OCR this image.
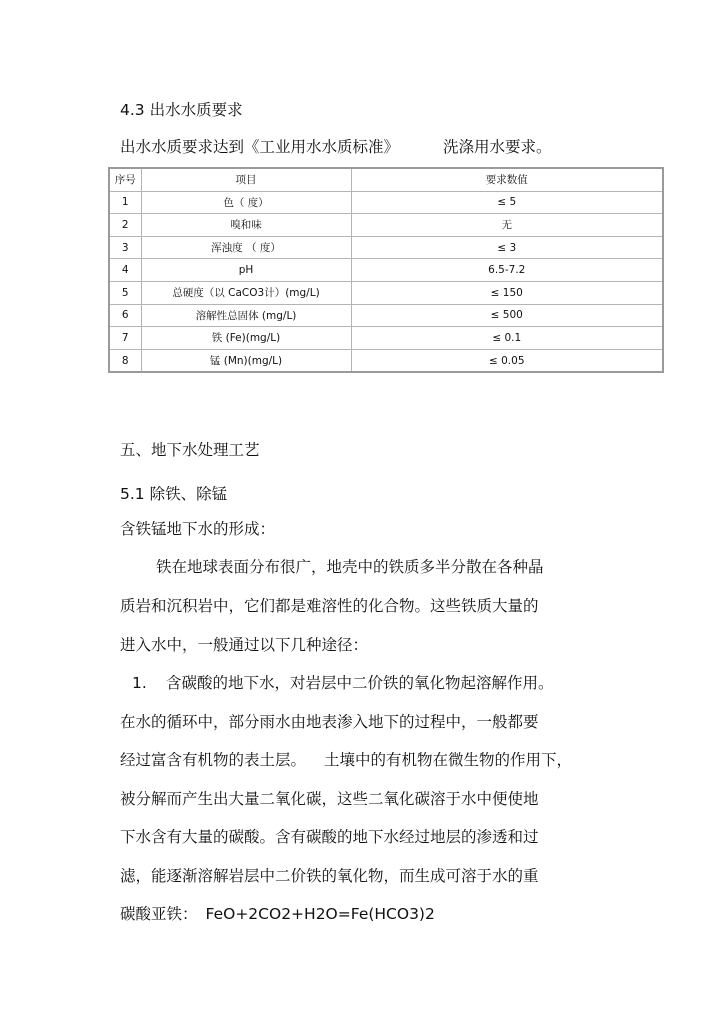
4.3 出水水质要求
出水水质要求达到《工业用水水质标准》	洗涤用水要求。
序号	项目	要求数值
1	色（ 度）	≤ 5
2	嗅和味	无
3	浑浊度 （ 度）	≤ 3
4	pH	6.5-7.2
5	总硬度（以 CaCO3计）(mg/L)	≤ 150
6	溶解性总固体 (mg/L)	≤ 500
7	铁 (Fe)(mg/L)	≤ 0.1
8	锰 (Mn)(mg/L)	≤ 0.05
五、地下水处理工艺
5.1 除铁、除锰
含铁锰地下水的形成：
铁在地球表面分布很广，地壳中的铁质多半分散在各种晶
质岩和沉积岩中，它们都是难溶性的化合物。这些铁质大量的
进入水中，一般通过以下几种途径：
1. 含碳酸的地下水，对岩层中二价铁的氧化物起溶解作用。
在水的循环中，部分雨水由地表渗入地下的过程中，一般都要
经过富含有机物的表土层。 土壤中的有机物在微生物的作用下，
被分解而产生出大量二氧化碳，这些二氧化碳溶于水中便使地
下水含有大量的碳酸。含有碳酸的地下水经过地层的渗透和过
滤，能逐渐溶解岩层中二价铁的氧化物，而生成可溶于水的重
碳酸亚铁： FeO+2CO2+H2O=Fe(HCO3)2
